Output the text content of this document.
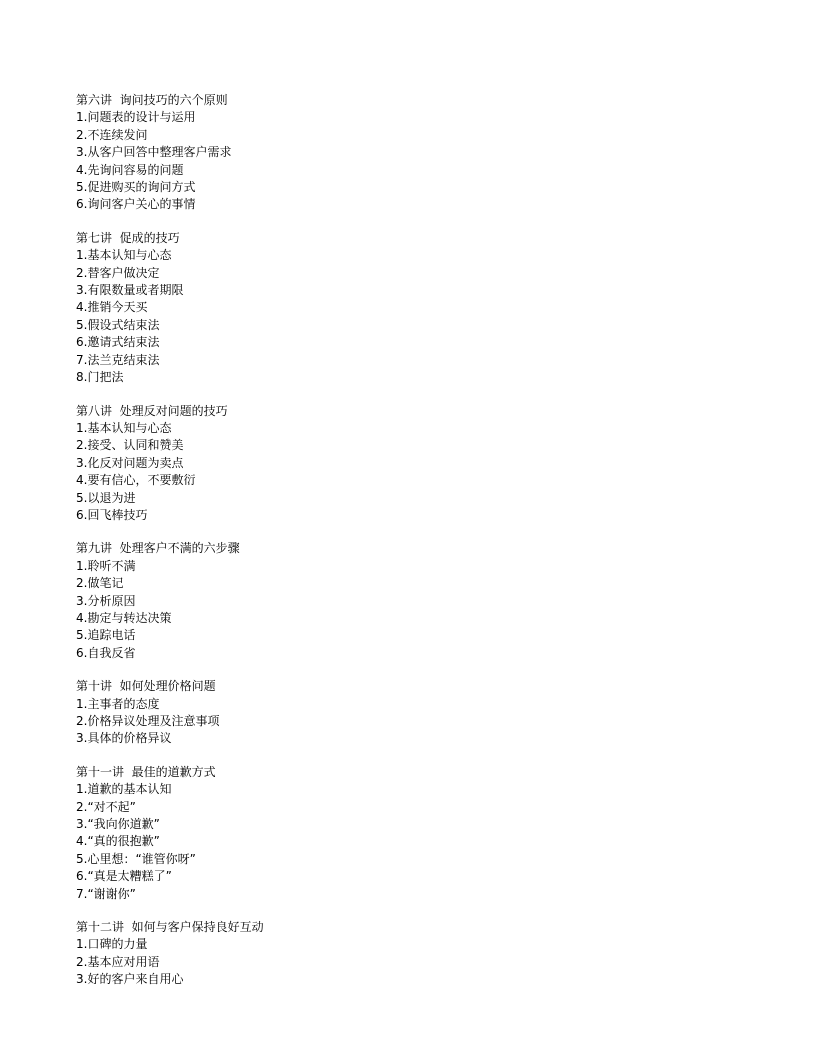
第六讲  询问技巧的六个原则
1.问题表的设计与运用
2.不连续发问
3.从客户回答中整理客户需求
4.先询问容易的问题
5.促进购买的询问方式
6.询问客户关心的事情
第七讲  促成的技巧
1.基本认知与心态
2.替客户做决定
3.有限数量或者期限
4.推销今天买
5.假设式结束法
6.邀请式结束法
7.法兰克结束法
8.门把法
第八讲  处理反对问题的技巧
1.基本认知与心态
2.接受、认同和赞美
3.化反对问题为卖点
4.要有信心，不要敷衍
5.以退为进
6.回飞棒技巧
第九讲  处理客户不满的六步骤
1.聆听不满
2.做笔记
3.分析原因
4.勘定与转达决策
5.追踪电话
6.自我反省
第十讲  如何处理价格问题
1.主事者的态度
2.价格异议处理及注意事项
3.具体的价格异议
第十一讲  最佳的道歉方式
1.道歉的基本认知
2.“对不起”
3.“我向你道歉”
4.“真的很抱歉”
5.心里想：“谁管你呀”
6.“真是太糟糕了”
7.“谢谢你”
第十二讲  如何与客户保持良好互动
1.口碑的力量
2.基本应对用语
3.好的客户来自用心
